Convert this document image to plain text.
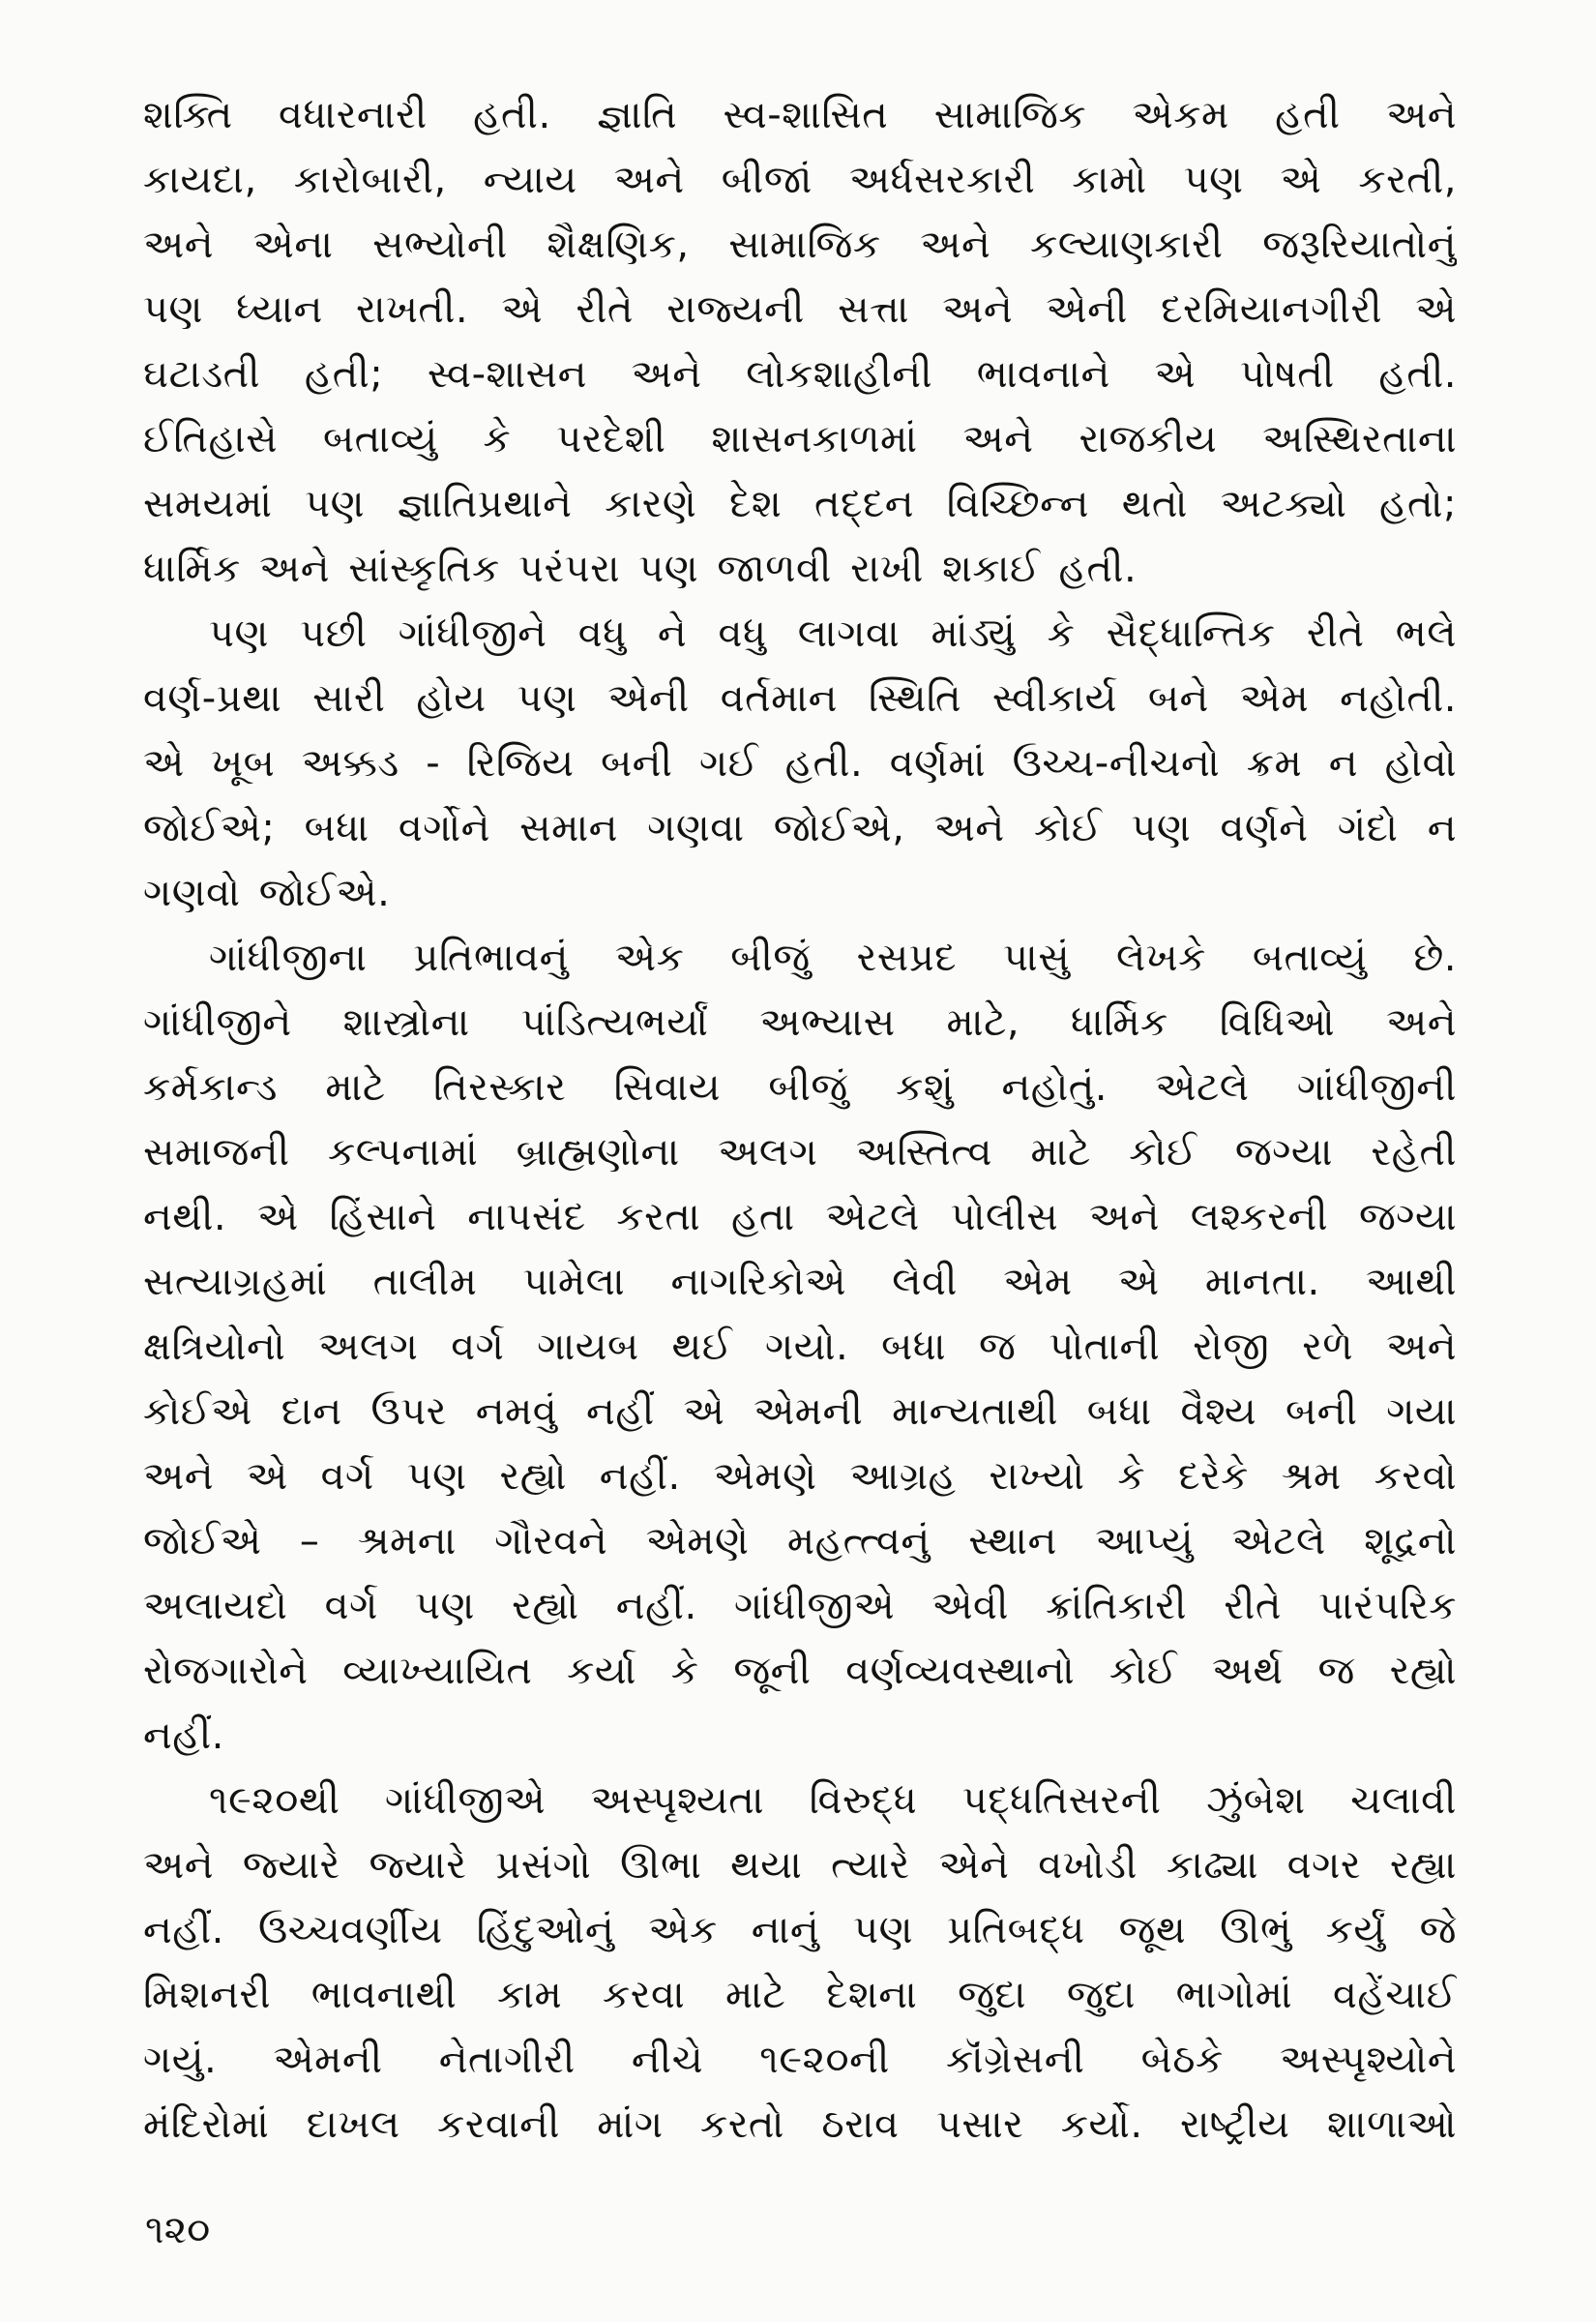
શક્તિ વધારનારી હતી. જ્ઞાતિ સ્વ-શાસિત સામાજિક એકમ હતી અને
કાયદા, કારોબારી, ન્યાય અને બીજાં અર્ધસરકારી કામો પણ એ કરતી,
અને એના સભ્યોની શૈક્ષણિક, સામાજિક અને કલ્યાણકારી જરૂરિયાતોનું
પણ ધ્યાન રાખતી. એ રીતે રાજ્યની સત્તા અને એની દરમિયાનગીરી એ
ઘટાડતી હતી; સ્વ-શાસન અને લોકશાહીની ભાવનાને એ પોષતી હતી.
ઈતિહાસે બતાવ્યું કે પરદેશી શાસનકાળમાં અને રાજકીય અસ્થિરતાના
સમયમાં પણ જ્ઞાતિપ્રથાને કારણે દેશ તદ્દન વિચ્છિન્ન થતો અટક્યો હતો;
ધાર્મિક અને સાંસ્કૃતિક પરંપરા પણ જાળવી રાખી શકાઈ હતી.
પણ પછી ગાંધીજીને વધુ ને વધુ લાગવા માંડ્યું કે સૈદ્ધાન્તિક રીતે ભલે
વર્ણ-પ્રથા સારી હોય પણ એની વર્તમાન સ્થિતિ સ્વીકાર્ય બને એમ નહોતી.
એ ખૂબ અક્કડ - રિજિય બની ગઈ હતી. વર્ણમાં ઉચ્ચ-નીચનો ક્રમ ન હોવો
જોઈએ; બધા વર્ગોને સમાન ગણવા જોઈએ, અને કોઈ પણ વર્ણને ગંદો ન
ગણવો જોઈએ.
ગાંધીજીના પ્રતિભાવનું એક બીજું રસપ્રદ પાસું લેખકે બતાવ્યું છે.
ગાંધીજીને શાસ્ત્રોના પાંડિત્યભર્યાં અભ્યાસ માટે, ધાર્મિક વિધિઓ અને
કર્મકાન્ડ માટે તિરસ્કાર સિવાય બીજું કશું નહોતું. એટલે ગાંધીજીની
સમાજની કલ્પનામાં બ્રાહ્મણોના અલગ અસ્તિત્વ માટે કોઈ જગ્યા રહેતી
નથી. એ હિંસાને નાપસંદ કરતા હતા એટલે પોલીસ અને લશ્કરની જગ્યા
સત્યાગ્રહમાં તાલીમ પામેલા નાગરિકોએ લેવી એમ એ માનતા. આથી
ક્ષત્રિયોનો અલગ વર્ગ ગાયબ થઈ ગયો. બધા જ પોતાની રોજી રળે અને
કોઈએ દાન ઉપર નમવું નહીં એ એમની માન્યતાથી બધા વૈશ્ય બની ગયા
અને એ વર્ગ પણ રહ્યો નહીં. એમણે આગ્રહ રાખ્યો કે દરેકે શ્રમ કરવો
જોઈએ – શ્રમના ગૌરવને એમણે મહત્ત્વનું સ્થાન આપ્યું એટલે શૂદ્રનો
અલાયદો વર્ગ પણ રહ્યો નહીં. ગાંધીજીએ એવી ક્રાંતિકારી રીતે પારંપરિક
રોજગારોને વ્યાખ્યાયિત કર્યા કે જૂની વર્ણવ્યવસ્થાનો કોઈ અર્થ જ રહ્યો
નહીં.
૧૯૨૦થી ગાંધીજીએ અસ્પૃશ્યતા વિરુદ્ધ પદ્ધતિસરની ઝુંબેશ ચલાવી
અને જ્યારે જ્યારે પ્રસંગો ઊભા થયા ત્યારે એને વખોડી કાઢ્યા વગર રહ્યા
નહીં. ઉચ્ચવર્ણીય હિંદુઓનું એક નાનું પણ પ્રતિબદ્ધ જૂથ ઊભું કર્યું જે
મિશનરી ભાવનાથી કામ કરવા માટે દેશના જુદા જુદા ભાગોમાં વહેંચાઈ
ગયું. એમની નેતાગીરી નીચે ૧૯૨૦ની કૉંગ્રેસની બેઠકે અસ્પૃશ્યોને
મંદિરોમાં દાખલ કરવાની માંગ કરતો ઠરાવ પસાર કર્યો. રાષ્ટ્રીય શાળાઓ
૧૨૦
